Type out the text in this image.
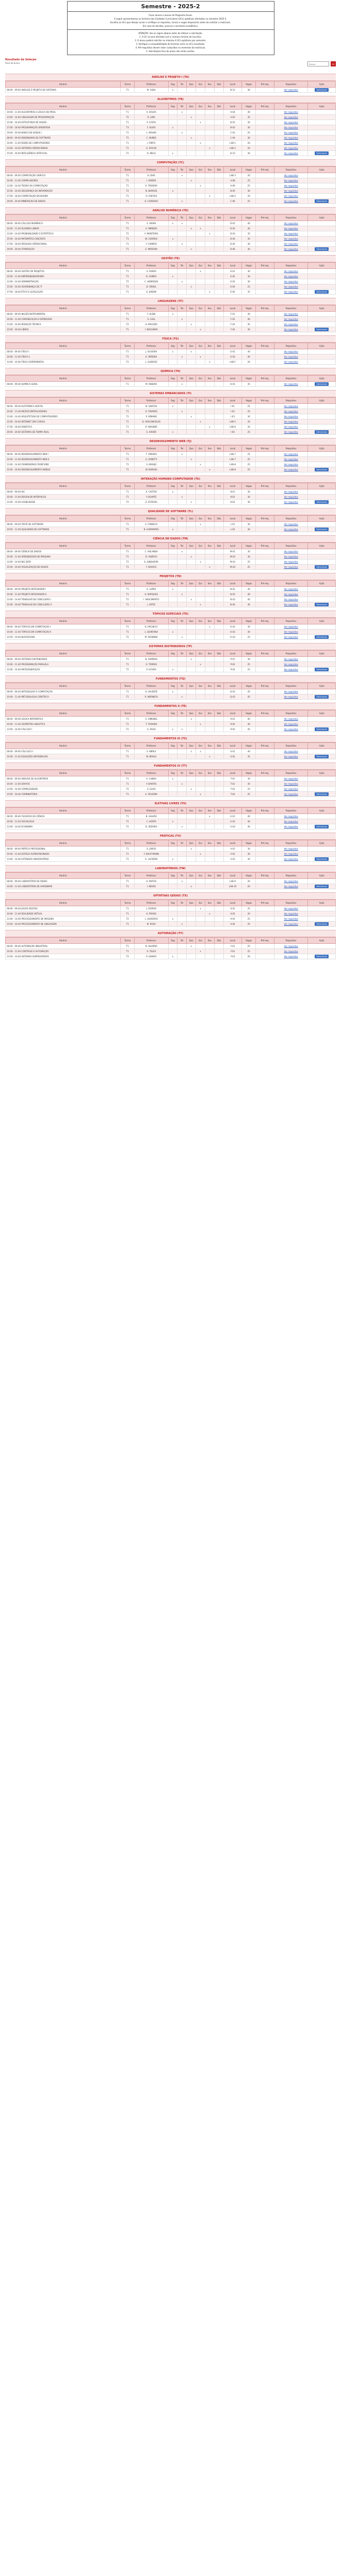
Semestre - 2025-2
Caros alunos e alunas do Programa Anual,
A seguir apresentamos os horários das Unidades Curriculares (UCs) optativas ofertadas no semestre 2025-2.
Escolha as UCs que deseja cursar e verifique os requisitos, turnos e vagas disponíveis antes de solicitar a matrícula.
Em caso de dúvidas, procure a secretaria acadêmica.
ATENÇÃO: leia as regras abaixo antes de efetuar a solicitação.
1. A UC só será ofertada com o número mínimo de inscritos.
2. O aluno poderá solicitar no máximo 4 UCs optativas por semestre.
3. Verifique a compatibilidade de horários entre as UCs escolhidas.
4. Pré-requisitos devem estar cumpridos no momento da matrícula.
5. Solicitações fora do prazo não serão aceitas.
Resultado da Seleção
Área de busca
Buscar	OK
ANÁLISE E PROJETO I (TA)
Horário	Turma	Professor	Seg	Ter	Qua	Qui	Sex	Sáb	Local	Vagas	Pré-req.	Requisitos	Ação
08:00 - 09:40 ANÁLISE E PROJETO DE SISTEMAS	T1	M. SILVA	x						B-12	30		Ver requisitos	Selecionar
ALGORITMOS (TB)
Horário	Turma	Professor	Seg	Ter	Qua	Qui	Sex	Sáb	Local	Vagas	Pré-req.	Requisitos	Ação
10:00 - 11:40 ALGORITMOS E LÓGICA DE PROG.	T1	A. SOUZA		x					A-04	40		Ver requisitos	
13:00 - 14:40 LINGUAGEM DE PROGRAMAÇÃO	T2	R. LIMA			x				A-05	35		Ver requisitos	
15:00 - 16:40 ESTRUTURAS DE DADOS	T1	P. COSTA				x			B-01	30		Ver requisitos	
17:00 - 18:40 PROGRAMAÇÃO ORIENTADA	T3	F. ALVES	x						B-02	30		Ver requisitos	
19:00 - 20:40 BANCO DE DADOS I	T1	L. MOURA		x					C-03	25		Ver requisitos	
08:00 - 09:40 ENGENHARIA DE SOFTWARE	T2	C. NUNES			x				C-04	30		Ver requisitos	
10:00 - 11:40 REDES DE COMPUTADORES	T1	J. PINTO				x			LAB-1	20		Ver requisitos	
13:00 - 14:40 SISTEMAS OPERACIONAIS	T1	G. ROCHA					x		LAB-2	20		Ver requisitos	
15:00 - 16:40 INTELIGÊNCIA ARTIFICIAL	T2	D. MELO	x						B-10	30		Ver requisitos	Selecionar
COMPUTAÇÃO (TC)
Horário	Turma	Professor	Seg	Ter	Qua	Qui	Sex	Sáb	Local	Vagas	Pré-req.	Requisitos	Ação
08:00 - 09:40 COMPUTAÇÃO GRÁFICA	T1	H. DIAS		x					LAB-3	20		Ver requisitos	
10:00 - 11:40 COMPILADORES	T1	I. RAMOS			x				A-08	25		Ver requisitos	
13:00 - 14:40 TEORIA DA COMPUTAÇÃO	T1	K. TEIXEIRA				x			A-09	25		Ver requisitos	
15:00 - 16:40 SEGURANÇA DA INFORMAÇÃO	T2	N. BARROS	x						B-05	30		Ver requisitos	
17:00 - 18:40 COMPUTAÇÃO EM NUVEM	T1	O. FREITAS					x		LAB-4	20		Ver requisitos	
19:00 - 20:40 MINERAÇÃO DE DADOS	T1	Q. CARDOSO		x					C-06	25		Ver requisitos	Selecionar
ANÁLISE NUMÉRICA (TD)
Horário	Turma	Professor	Seg	Ter	Qua	Qui	Sex	Sáb	Local	Vagas	Pré-req.	Requisitos	Ação
08:00 - 09:40 CÁLCULO NUMÉRICO	T1	S. VIEIRA	x	x					D-01	40		Ver requisitos	
10:00 - 11:40 ÁLGEBRA LINEAR	T1	U. MENDES			x	x			D-02	40		Ver requisitos	
13:00 - 14:40 PROBABILIDADE E ESTATÍSTICA	T2	V. MONTEIRO					x		D-03	35		Ver requisitos	
15:00 - 16:40 MATEMÁTICA DISCRETA	T1	W. CORREIA	x						D-04	35		Ver requisitos	
17:00 - 18:40 PESQUISA OPERACIONAL	T1	Y. CAMPOS		x					D-05	30		Ver requisitos	
19:00 - 20:40 OTIMIZAÇÃO	T1	Z. MOREIRA			x				D-06	30		Ver requisitos	Selecionar
GESTÃO (TE)
Horário	Turma	Professor	Seg	Ter	Qua	Qui	Sex	Sáb	Local	Vagas	Pré-req.	Requisitos	Ação
08:00 - 09:40 GESTÃO DE PROJETOS	T1	A. FARIAS				x			E-01	30		Ver requisitos	
10:00 - 11:40 EMPREENDEDORISMO	T1	B. GOMES	x						E-02	30		Ver requisitos	
13:00 - 14:40 ADMINISTRAÇÃO	T2	C. HENRIQUE		x					E-03	30		Ver requisitos	
15:00 - 16:40 GOVERNANÇA DE TI	T1	D. ISRAEL			x				E-04	25		Ver requisitos	
17:00 - 18:40 ÉTICA E LEGISLAÇÃO	T1	E. JARDIM					x		E-05	35		Ver requisitos	Selecionar
LINGUAGENS (TF)
Horário	Turma	Professor	Seg	Ter	Qua	Qui	Sex	Sáb	Local	Vagas	Pré-req.	Requisitos	Ação
08:00 - 09:40 INGLÊS INSTRUMENTAL	T1	F. KLEIN	x						F-01	40		Ver requisitos	
10:00 - 11:40 COMUNICAÇÃO E EXPRESSÃO	T1	G. LEAL		x					F-02	40		Ver requisitos	
13:00 - 14:40 REDAÇÃO TÉCNICA	T2	H. MACEDO			x				F-03	35		Ver requisitos	
15:00 - 16:40 LIBRAS	T1	I. NOGUEIRA				x			F-04	30		Ver requisitos	Selecionar
FÍSICA (TG)
Horário	Turma	Professor	Seg	Ter	Qua	Qui	Sex	Sáb	Local	Vagas	Pré-req.	Requisitos	Ação
08:00 - 09:40 FÍSICA I	T1	J. OLIVEIRA	x		x				G-01	40		Ver requisitos	
10:00 - 11:40 FÍSICA II	T1	K. PEREIRA		x		x			G-02	40		Ver requisitos	
13:00 - 14:40 FÍSICA EXPERIMENTAL	T2	L. QUEIROZ					x		LAB-F	20		Ver requisitos	
QUÍMICA (TH)
Horário	Turma	Professor	Seg	Ter	Qua	Qui	Sex	Sáb	Local	Vagas	Pré-req.	Requisitos	Ação
08:00 - 09:40 QUÍMICA GERAL	T1	M. RIBEIRO		x					H-01	35		Ver requisitos	Selecionar
SISTEMAS EMBARCADOS (TI)
Horário	Turma	Professor	Seg	Ter	Qua	Qui	Sex	Sáb	Local	Vagas	Pré-req.	Requisitos	Ação
08:00 - 09:40 ELETRÔNICA DIGITAL	T1	N. SANTOS	x						I-01	25		Ver requisitos	
10:00 - 11:40 MICROCONTROLADORES	T1	O. TAVARES		x					I-02	25		Ver requisitos	
13:00 - 14:40 ARQUITETURA DE COMPUTADORES	T2	P. URBANO			x				I-03	30		Ver requisitos	
15:00 - 16:40 INTERNET DAS COISAS	T1	Q. VASCONCELOS				x			LAB-5	20		Ver requisitos	
17:00 - 18:40 ROBÓTICA	T1	R. WAGNER					x		LAB-6	20		Ver requisitos	
19:00 - 20:40 SISTEMAS DE TEMPO REAL	T1	S. XAVIER	x						I-04	25		Ver requisitos	Selecionar
DESENVOLVIMENTO WEB (TJ)
Horário	Turma	Professor	Seg	Ter	Qua	Qui	Sex	Sáb	Local	Vagas	Pré-req.	Requisitos	Ação
08:00 - 09:40 DESENVOLVIMENTO WEB I	T1	T. YAMADA		x					LAB-7	25		Ver requisitos	
10:00 - 11:40 DESENVOLVIMENTO WEB II	T1	U. ZANETTI			x				LAB-7	25		Ver requisitos	
13:00 - 14:40 FRAMEWORKS FRONT-END	T2	V. ARAÚJO				x			LAB-8	25		Ver requisitos	
15:00 - 16:40 DESENVOLVIMENTO MOBILE	T1	W. BORGES					x		LAB-8	25		Ver requisitos	Selecionar
INTERAÇÃO HUMANO-COMPUTADOR (TK)
Horário	Turma	Professor	Seg	Ter	Qua	Qui	Sex	Sáb	Local	Vagas	Pré-req.	Requisitos	Ação
08:00 - 09:40 IHC	T1	X. CASTRO	x						K-01	30		Ver requisitos	
10:00 - 11:40 DESIGN DE INTERFACES	T1	Y. DUARTE		x					K-02	30		Ver requisitos	
13:00 - 14:40 USABILIDADE	T2	Z. ESTEVES			x				K-03	30		Ver requisitos	Selecionar
QUALIDADE DE SOFTWARE (TL)
Horário	Turma	Professor	Seg	Ter	Qua	Qui	Sex	Sáb	Local	Vagas	Pré-req.	Requisitos	Ação
08:00 - 09:40 TESTE DE SOFTWARE	T1	A. FONSECA				x			L-01	30		Ver requisitos	
10:00 - 11:40 QUALIDADE DE SOFTWARE	T1	B. GUIMARÃES	x						L-02	30		Ver requisitos	Selecionar
CIÊNCIA DE DADOS (TM)
Horário	Turma	Professor	Seg	Ter	Qua	Qui	Sex	Sáb	Local	Vagas	Pré-req.	Requisitos	Ação
08:00 - 09:40 CIÊNCIA DE DADOS	T1	C. HOLANDA		x					M-01	30		Ver requisitos	
10:00 - 11:40 APRENDIZADO DE MÁQUINA	T1	D. IGNÁCIO			x				M-02	30		Ver requisitos	
13:00 - 14:40 BIG DATA	T2	E. JUNQUEIRA				x			M-03	25		Ver requisitos	
15:00 - 16:40 VISUALIZAÇÃO DE DADOS	T1	F. KOVACS					x		M-04	25		Ver requisitos	Selecionar
PROJETOS (TN)
Horário	Turma	Professor	Seg	Ter	Qua	Qui	Sex	Sáb	Local	Vagas	Pré-req.	Requisitos	Ação
08:00 - 09:40 PROJETO INTEGRADOR I	T1	G. LOPES	x						N-01	40		Ver requisitos	
10:00 - 11:40 PROJETO INTEGRADOR II	T1	H. MARQUES		x					N-02	40		Ver requisitos	
13:00 - 14:40 TRABALHO DE CONCLUSÃO I	T2	I. NASCIMENTO			x				N-03	40		Ver requisitos	
15:00 - 16:40 TRABALHO DE CONCLUSÃO II	T1	J. ORTIZ				x			N-04	40		Ver requisitos	Selecionar
TÓPICOS ESPECIAIS (TO)
Horário	Turma	Professor	Seg	Ter	Qua	Qui	Sex	Sáb	Local	Vagas	Pré-req.	Requisitos	Ação
08:00 - 09:40 TÓPICOS EM COMPUTAÇÃO I	T1	K. PACHECO					x		O-01	30		Ver requisitos	
10:00 - 11:40 TÓPICOS EM COMPUTAÇÃO II	T1	L. QUINTANA	x						O-02	30		Ver requisitos	
13:00 - 14:40 BLOCKCHAIN	T2	M. RESENDE		x					O-03	25		Ver requisitos	Selecionar
SISTEMAS DISTRIBUÍDOS (TP)
Horário	Turma	Professor	Seg	Ter	Qua	Qui	Sex	Sáb	Local	Vagas	Pré-req.	Requisitos	Ação
08:00 - 09:40 SISTEMAS DISTRIBUÍDOS	T1	N. SAMPAIO			x				P-01	30		Ver requisitos	
10:00 - 11:40 PROGRAMAÇÃO PARALELA	T1	O. TORRES				x			P-02	25		Ver requisitos	
13:00 - 14:40 MICROSSERVIÇOS	T2	P. UCHÔA	x						P-03	25		Ver requisitos	Selecionar
FUNDAMENTOS (TQ)
Horário	Turma	Professor	Seg	Ter	Qua	Qui	Sex	Sáb	Local	Vagas	Pré-req.	Requisitos	Ação
08:00 - 09:40 INTRODUÇÃO À COMPUTAÇÃO	T1	Q. VALENTE	x						Q-01	45		Ver requisitos	
10:00 - 11:40 METODOLOGIA CIENTÍFICA	T1	R. WERNECK		x					Q-02	45		Ver requisitos	Selecionar
FUNDAMENTOS II (TR)
Horário	Turma	Professor	Seg	Ter	Qua	Qui	Sex	Sáb	Local	Vagas	Pré-req.	Requisitos	Ação
08:00 - 09:40 LÓGICA MATEMÁTICA	T1	S. XIMENES			x				R-01	40		Ver requisitos	
10:00 - 11:40 GEOMETRIA ANALÍTICA	T1	T. YOSHIDA				x			R-02	40		Ver requisitos	
13:00 - 14:40 CÁLCULO I	T2	U. ZAGO	x	x					R-03	45		Ver requisitos	Selecionar
FUNDAMENTOS III (TS)
Horário	Turma	Professor	Seg	Ter	Qua	Qui	Sex	Sáb	Local	Vagas	Pré-req.	Requisitos	Ação
08:00 - 09:40 CÁLCULO II	T1	V. ABREU			x	x			S-01	40		Ver requisitos	
10:00 - 11:40 EQUAÇÕES DIFERENCIAIS	T1	W. BRAGA					x		S-02	35		Ver requisitos	Selecionar
FUNDAMENTOS IV (TT)
Horário	Turma	Professor	Seg	Ter	Qua	Qui	Sex	Sáb	Local	Vagas	Pré-req.	Requisitos	Ação
08:00 - 09:40 ANÁLISE DE ALGORITMOS	T1	X. CUNHA	x						T-01	30		Ver requisitos	
10:00 - 11:40 GRAFOS	T1	Y. DANTAS		x					T-02	30		Ver requisitos	
13:00 - 14:40 COMPLEXIDADE	T2	Z. ELIAS			x				T-03	25		Ver requisitos	
15:00 - 16:40 COMBINATÓRIA	T1	A. FIGUEIRA				x			T-04	25		Ver requisitos	Selecionar
ELETIVAS LIVRES (TU)
Horário	Turma	Professor	Seg	Ter	Qua	Qui	Sex	Sáb	Local	Vagas	Pré-req.	Requisitos	Ação
08:00 - 09:40 FILOSOFIA DA CIÊNCIA	T1	B. GALVÃO					x		U-01	40		Ver requisitos	
10:00 - 11:40 SOCIOLOGIA	T1	C. HORTA	x						U-02	40		Ver requisitos	
13:00 - 14:40 ECONOMIA	T2	D. IZIDORO		x					U-03	40		Ver requisitos	Selecionar
PRÁTICAS (TV)
Horário	Turma	Professor	Seg	Ter	Qua	Qui	Sex	Sáb	Local	Vagas	Pré-req.	Requisitos	Ação
08:00 - 09:40 PRÁTICA PROFISSIONAL	T1	E. JORGE			x				V-01	30		Ver requisitos	
10:00 - 11:40 ESTÁGIO SUPERVISIONADO	T1	F. KAUFFMANN				x			V-02	30		Ver requisitos	
13:00 - 14:40 EXTENSÃO UNIVERSITÁRIA	T2	G. LACERDA	x						V-03	30		Ver requisitos	Selecionar
LABORATÓRIOS (TW)
Horário	Turma	Professor	Seg	Ter	Qua	Qui	Sex	Sáb	Local	Vagas	Pré-req.	Requisitos	Ação
08:00 - 09:40 LABORATÓRIO DE REDES	T1	H. MATOS		x					LAB-9	20		Ver requisitos	
10:00 - 11:40 LABORATÓRIO DE HARDWARE	T1	I. NEVES			x				LAB-10	20		Ver requisitos	Selecionar
OPTATIVAS GERAIS (TX)
Horário	Turma	Professor	Seg	Ter	Qua	Qui	Sex	Sáb	Local	Vagas	Pré-req.	Requisitos	Ação
08:00 - 09:40 JOGOS DIGITAIS	T1	J. OSÓRIO				x			X-01	25		Ver requisitos	
10:00 - 11:40 REALIDADE VIRTUAL	T1	K. PRADO					x		X-02	20		Ver requisitos	
13:00 - 14:40 PROCESSAMENTO DE IMAGENS	T2	L. QUADROS	x						X-03	25		Ver requisitos	
15:00 - 16:40 PROCESSAMENTO DE LINGUAGEM	T1	M. ROSA		x					X-04	25		Ver requisitos	Selecionar
AUTOMAÇÃO (TY)
Horário	Turma	Professor	Seg	Ter	Qua	Qui	Sex	Sáb	Local	Vagas	Pré-req.	Requisitos	Ação
08:00 - 09:40 AUTOMAÇÃO INDUSTRIAL	T1	N. SILVEIRA			x				Y-01	25		Ver requisitos	
10:00 - 11:40 CONTROLE E AUTOMAÇÃO	T1	O. TELES				x			Y-02	25		Ver requisitos	
13:00 - 14:40 SISTEMAS SUPERVISÓRIOS	T2	P. USHIRO	x						Y-03	20		Ver requisitos	Selecionar
